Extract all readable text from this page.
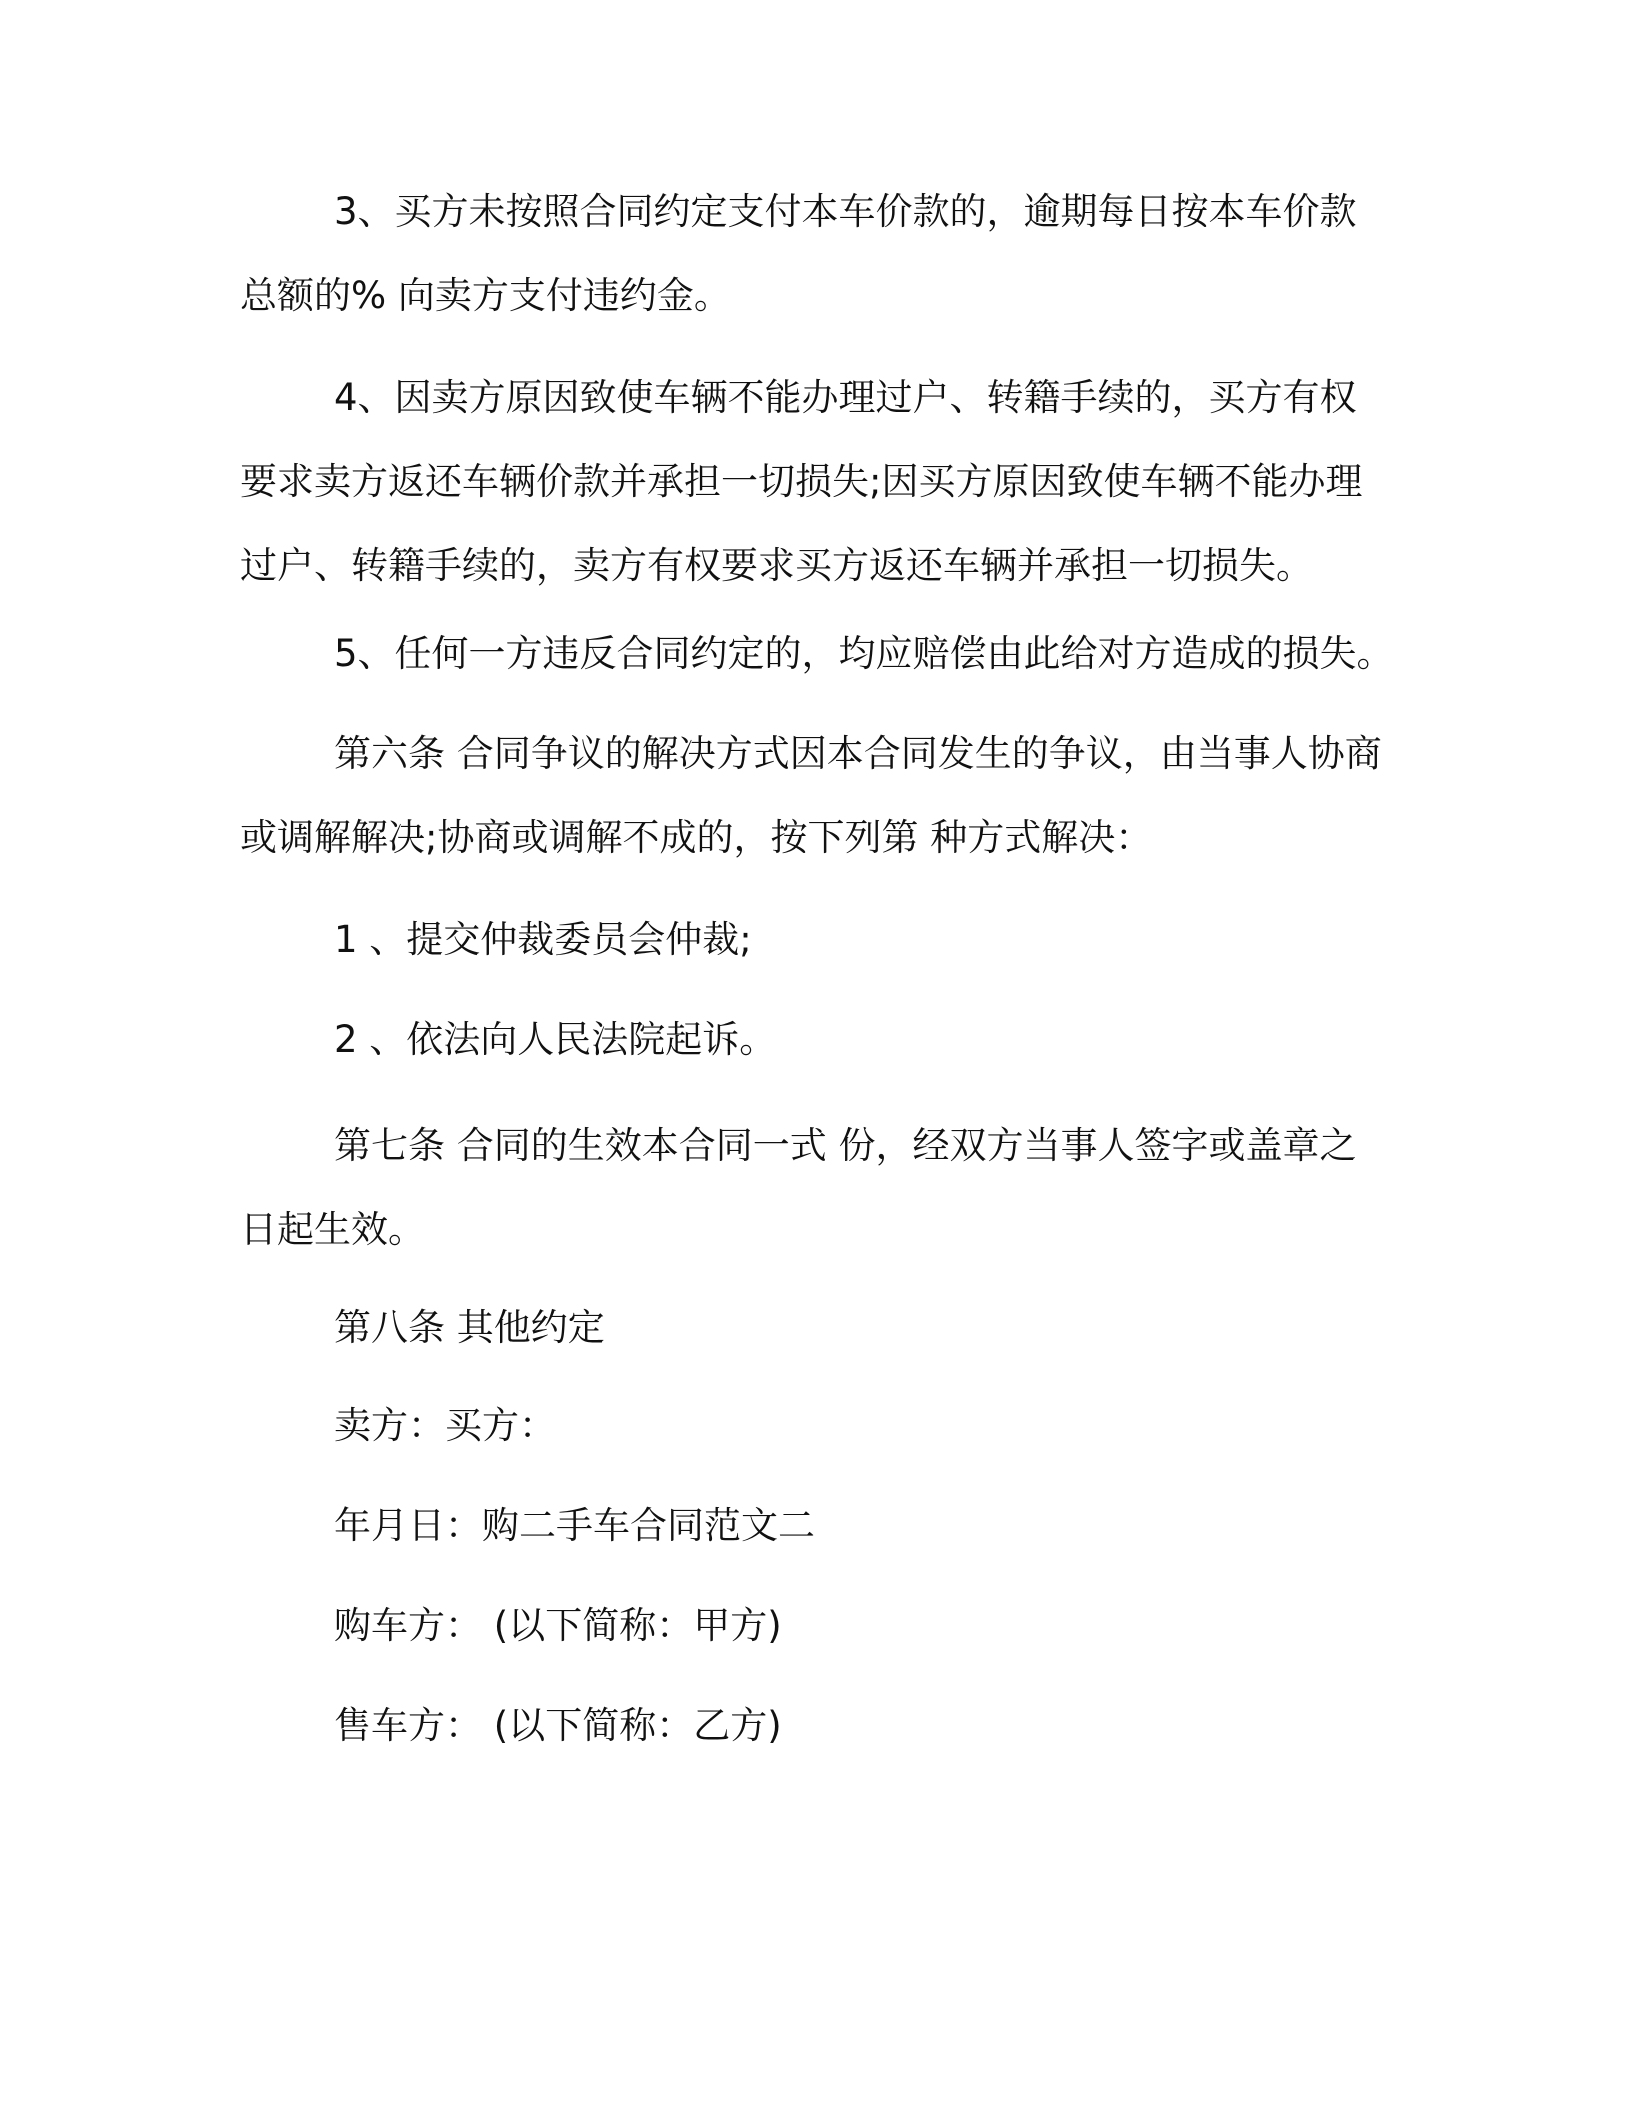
3、买方未按照合同约定支付本车价款的，逾期每日按本车价款
总额的% 向卖方支付违约金。
4、因卖方原因致使车辆不能办理过户、转籍手续的，买方有权
要求卖方返还车辆价款并承担一切损失;因买方原因致使车辆不能办理
过户、转籍手续的，卖方有权要求买方返还车辆并承担一切损失。
5、任何一方违反合同约定的，均应赔偿由此给对方造成的损失。
第六条 合同争议的解决方式因本合同发生的争议，由当事人协商
或调解解决;协商或调解不成的，按下列第 种方式解决：
1 、提交仲裁委员会仲裁;
2 、依法向人民法院起诉。
第七条 合同的生效本合同一式 份，经双方当事人签字或盖章之
日起生效。
第八条 其他约定
卖方：买方：
年月日：购二手车合同范文二
购车方： (以下简称：甲方)
售车方： (以下简称：乙方)
